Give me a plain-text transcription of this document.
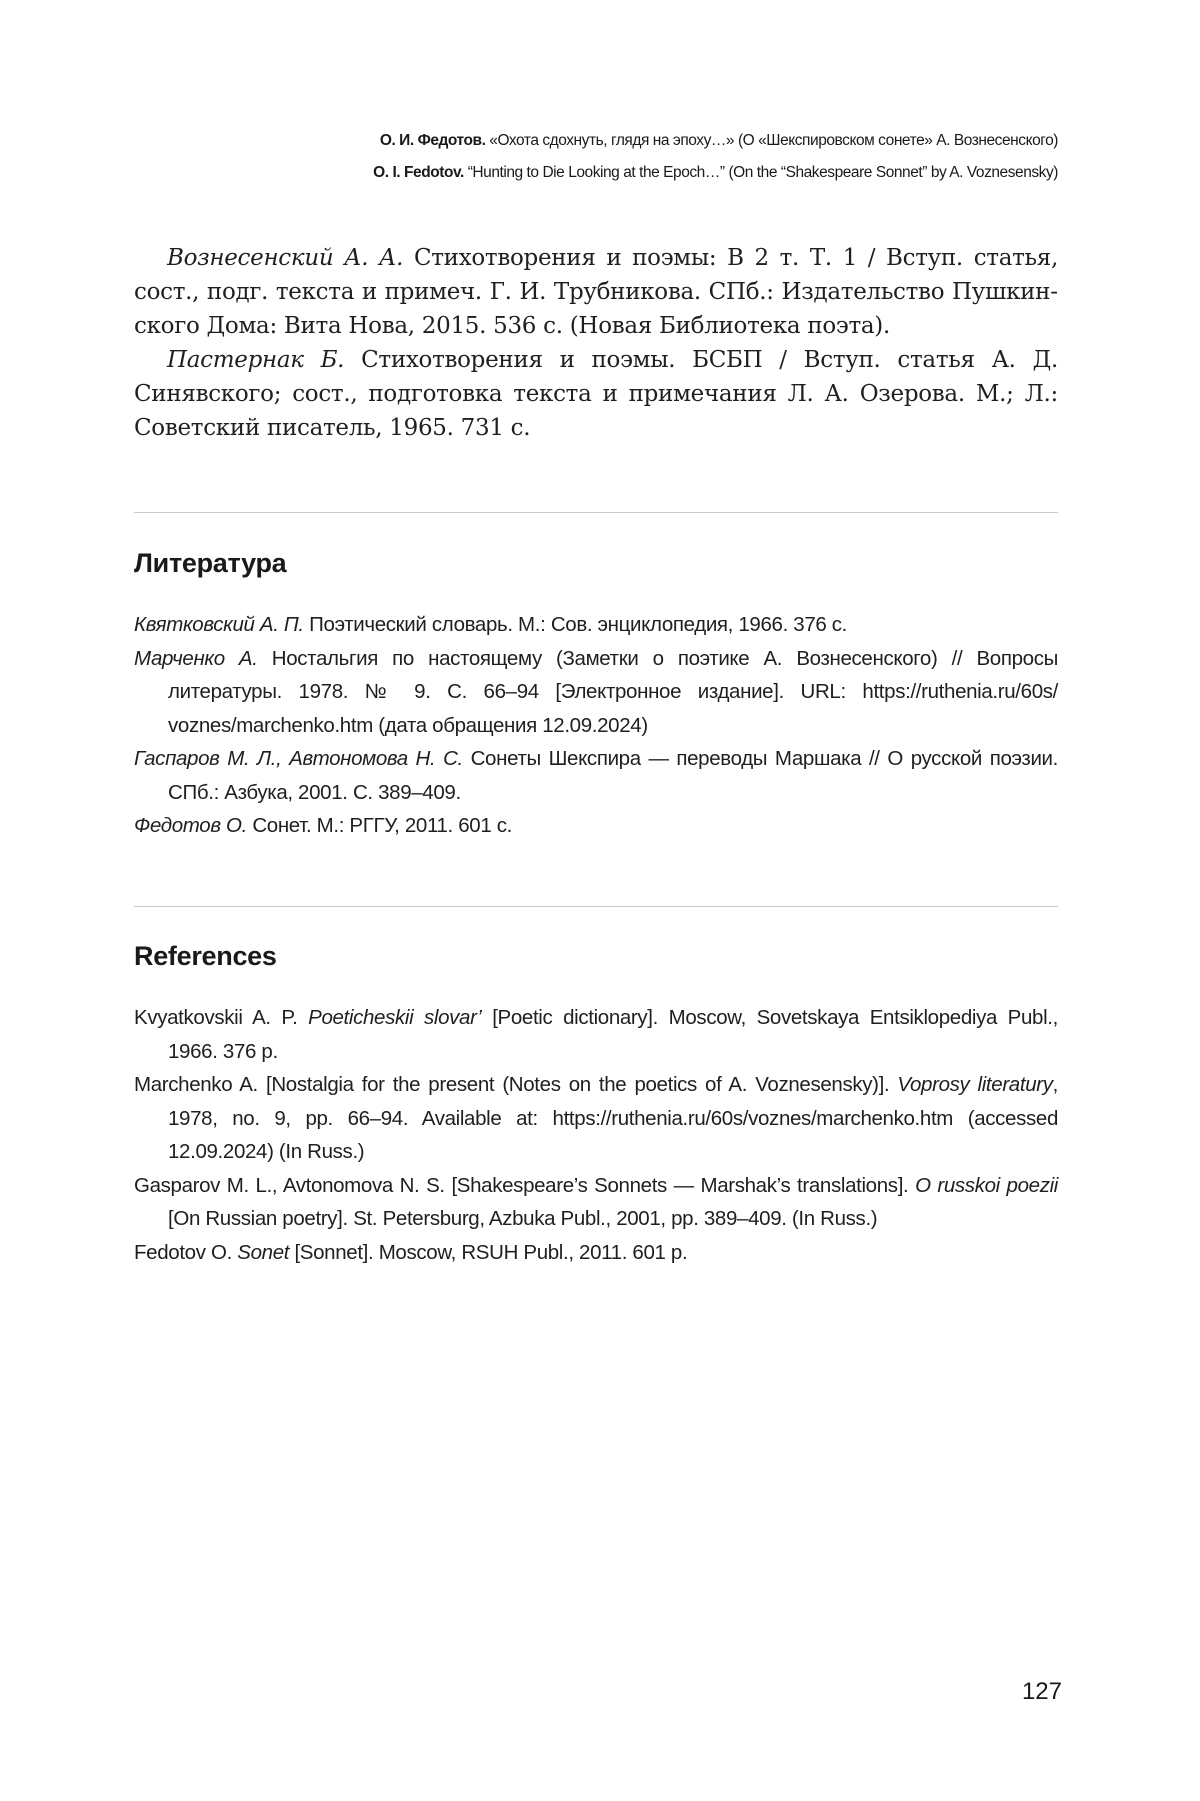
О. И. Федотов. «Охота сдохнуть, глядя на эпоху…» (О «Шекспировском сонете» А. Вознесенского)
O. I. Fedotov. “Hunting to Die Looking at the Epoch…” (On the “Shakespeare Sonnet” by A. Voznesensky)

Вознесенский А. А. Стихотворения и поэмы: В 2 т. Т. 1 / Вступ. статья, сост., подг. текста и примеч. Г. И. Трубникова. СПб.: Издательство Пушкинского Дома: Вита Нова, 2015. 536 с. (Новая Библиотека поэта).

Пастернак Б. Стихотворения и поэмы. БСБП / Вступ. статья А. Д. Синявского; сост., подготовка текста и примечания Л. А. Озерова. М.; Л.: Советский писатель, 1965. 731 с.

Литература

Квятковский А. П. Поэтический словарь. М.: Сов. энциклопедия, 1966. 376 с.

Марченко А. Ностальгия по настоящему (Заметки о поэтике А. Вознесенского) // Вопросы литературы. 1978. № 9. С. 66–94 [Электронное издание]. URL: https://ruthenia.ru/60s/​voznes/marchenko.htm (дата обращения 12.09.2024)

Гаспаров М. Л., Автономова Н. С. Сонеты Шекспира — переводы Маршака // О русской поэзии. СПб.: Азбука, 2001. С. 389–409.

Федотов О. Сонет. М.: РГГУ, 2011. 601 с.

References

Kvyatkovskii A. P. Poeticheskii slovar’ [Poetic dictionary]. Moscow, Sovetskaya Entsiklopediya Publ., 1966. 376 p.

Marchenko A. [Nostalgia for the present (Notes on the poetics of A. Voznesensky)]. Voprosy literatury, 1978, no. 9, pp. 66–94. Available at: https://ruthenia.ru/60s/voznes/marchenko.htm (accessed 12.09.2024) (In Russ.)

Gasparov M. L., Avtonomova N. S. [Shakespeare’s Sonnets — Marshak’s translations]. O russkoi poezii [On Russian poetry]. St. Petersburg, Azbuka Publ., 2001, pp. 389–409. (In Russ.)

Fedotov O. Sonet [Sonnet]. Moscow, RSUH Publ., 2011. 601 p.

127
